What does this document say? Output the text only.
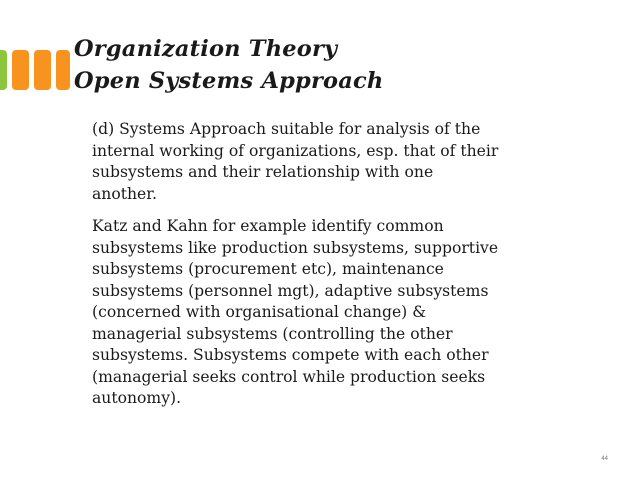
Organization Theory
Open Systems Approach
(d) Systems Approach suitable for analysis of the
internal working of organizations, esp. that of their
subsystems and their relationship with one
another.
Katz and Kahn for example identify common
subsystems like production subsystems, supportive
subsystems (procurement etc), maintenance
subsystems (personnel mgt), adaptive subsystems
(concerned with organisational change) &
managerial subsystems (controlling the other
subsystems. Subsystems compete with each other
(managerial seeks control while production seeks
autonomy).
44
